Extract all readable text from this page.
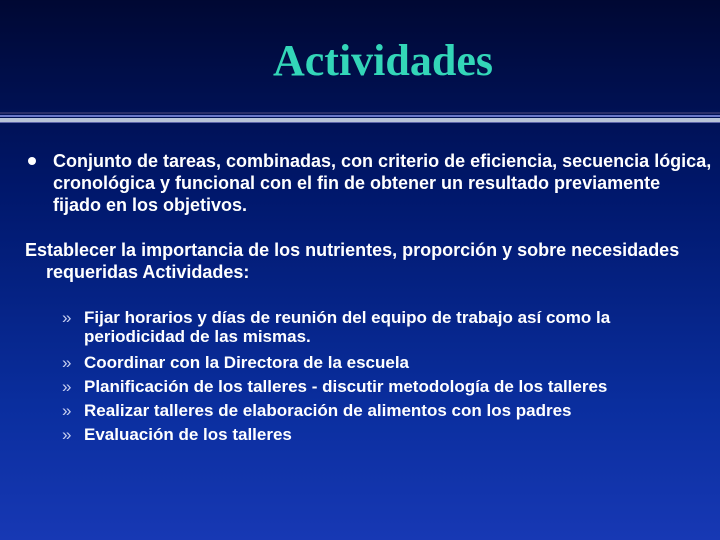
Actividades
Conjunto de tareas, combinadas, con criterio de eficiencia, secuencia lógica, cronológica y funcional con el fin de obtener un resultado previamente fijado en los objetivos.
Establecer la importancia de los nutrientes, proporción y sobre necesidades requeridas Actividades:
» Fijar horarios y días de reunión del equipo de trabajo así como la periodicidad de las mismas.
» Coordinar con la Directora de la escuela
» Planificación de los talleres - discutir metodología de los talleres
» Realizar talleres de elaboración de alimentos con los padres
» Evaluación de los talleres
